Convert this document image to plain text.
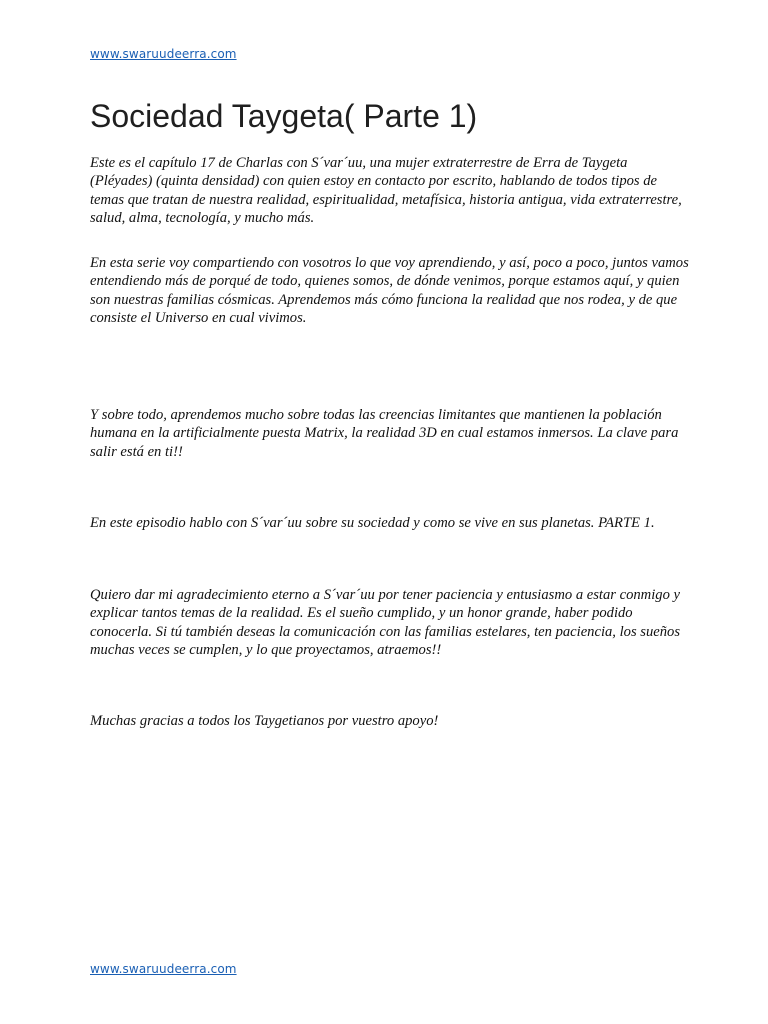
www.swaruudeerra.com
Sociedad Taygeta( Parte 1)

Este es el capítulo 17 de Charlas con S´var´uu, una mujer extraterrestre de Erra de Taygeta (Pléyades) (quinta densidad) con quien estoy en contacto por escrito, hablando de todos tipos de temas que tratan de nuestra realidad, espiritualidad, metafísica, historia antigua, vida extraterrestre, salud, alma, tecnología, y mucho más.

En esta serie voy compartiendo con vosotros lo que voy aprendiendo, y así, poco a poco, juntos vamos entendiendo más de porqué de todo, quienes somos, de dónde venimos, porque estamos aquí, y quien son nuestras familias cósmicas. Aprendemos más cómo funciona la realidad que nos rodea, y de que consiste el Universo en cual vivimos.

Y sobre todo, aprendemos mucho sobre todas las creencias limitantes que mantienen la población humana en la artificialmente puesta Matrix, la realidad 3D en cual estamos inmersos. La clave para salir está en ti!!

En este episodio hablo con S´var´uu sobre su sociedad y como se vive en sus planetas. PARTE 1.

Quiero dar mi agradecimiento eterno a S´var´uu por tener paciencia y entusiasmo a estar conmigo y explicar tantos temas de la realidad. Es el sueño cumplido, y un honor grande, haber podido conocerla. Si tú también deseas la comunicación con las familias estelares, ten paciencia, los sueños muchas veces se cumplen, y lo que proyectamos, atraemos!!

Muchas gracias a todos los Taygetianos por vuestro apoyo!

www.swaruudeerra.com
